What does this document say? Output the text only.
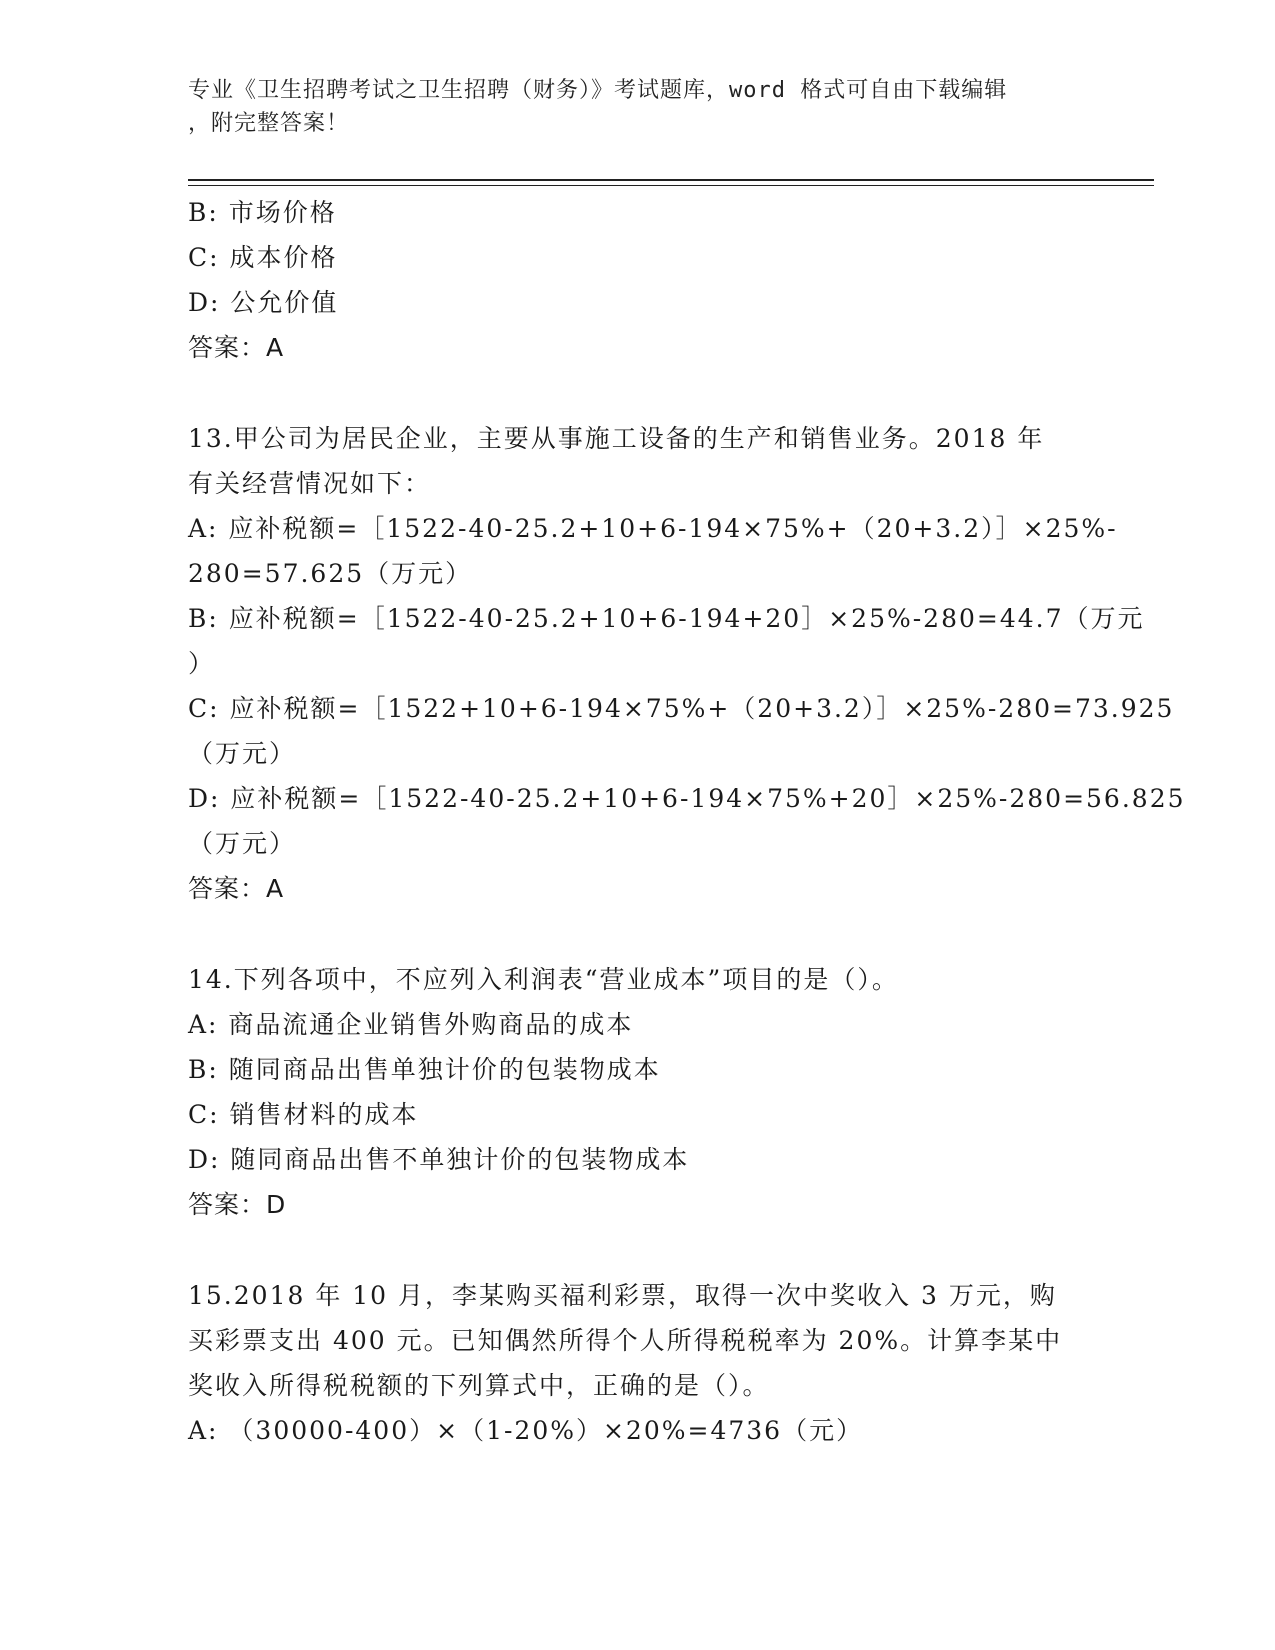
专业《卫生招聘考试之卫生招聘（财务）》考试题库，word 格式可自由下载编辑
，附完整答案！
B: 市场价格
C: 成本价格
D: 公允价值
答案：A
13.甲公司为居民企业，主要从事施工设备的生产和销售业务。2018 年
有关经营情况如下：
A: 应补税额=［1522-40-25.2+10+6-194×75%+（20+3.2）］×25%-
280=57.625（万元）
B: 应补税额=［1522-40-25.2+10+6-194+20］×25%-280=44.7（万元
）
C: 应补税额=［1522+10+6-194×75%+（20+3.2）］×25%-280=73.925
（万元）
D: 应补税额=［1522-40-25.2+10+6-194×75%+20］×25%-280=56.825
（万元）
答案：A
14.下列各项中，不应列入利润表“营业成本”项目的是（）。
A: 商品流通企业销售外购商品的成本
B: 随同商品出售单独计价的包装物成本
C: 销售材料的成本
D: 随同商品出售不单独计价的包装物成本
答案：D
15.2018 年 10 月，李某购买福利彩票，取得一次中奖收入 3 万元，购
买彩票支出 400 元。已知偶然所得个人所得税税率为 20%。计算李某中
奖收入所得税税额的下列算式中，正确的是（）。
A: （30000-400）×（1-20%）×20%=4736（元）
